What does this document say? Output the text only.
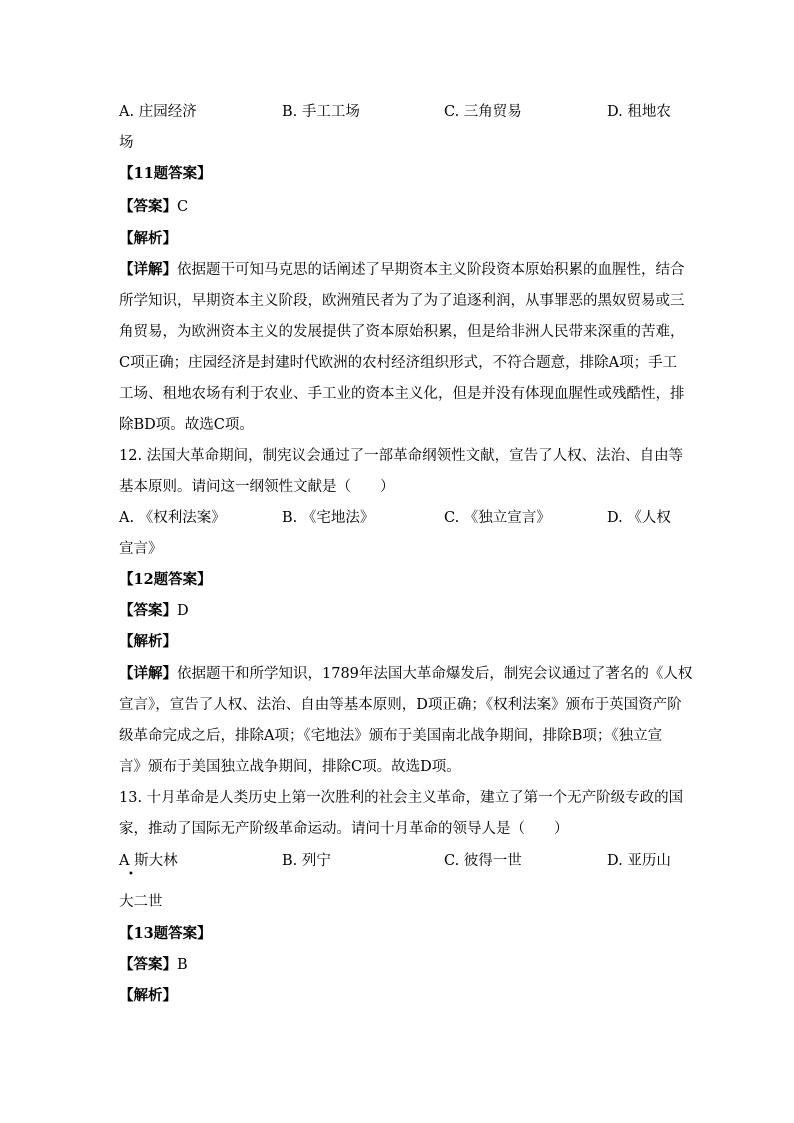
A. 庄园经济	B. 手工工场	C. 三角贸易	D. 租地农
场
【11题答案】
【答案】C
【解析】
【详解】依据题干可知马克思的话阐述了早期资本主义阶段资本原始积累的血腥性，结合
所学知识，早期资本主义阶段，欧洲殖民者为了为了追逐利润，从事罪恶的黑奴贸易或三
角贸易，为欧洲资本主义的发展提供了资本原始积累，但是给非洲人民带来深重的苦难，
C项正确；庄园经济是封建时代欧洲的农村经济组织形式，不符合题意，排除A项；手工
工场、租地农场有利于农业、手工业的资本主义化，但是并没有体现血腥性或残酷性，排
除BD项。故选C项。
12. 法国大革命期间，制宪议会通过了一部革命纲领性文献，宣告了人权、法治、自由等
基本原则。请问这一纲领性文献是（　　）
A. 《权利法案》	B. 《宅地法》	C. 《独立宣言》	D. 《人权
宣言》
【12题答案】
【答案】D
【解析】
【详解】依据题干和所学知识，1789年法国大革命爆发后，制宪会议通过了著名的《人权
宣言》，宣告了人权、法治、自由等基本原则，D项正确；《权利法案》颁布于英国资产阶
级革命完成之后，排除A项；《宅地法》颁布于美国南北战争期间，排除B项；《独立宣
言》颁布于美国独立战争期间，排除C项。故选D项。
13. 十月革命是人类历史上第一次胜利的社会主义革命，建立了第一个无产阶级专政的国
家，推动了国际无产阶级革命运动。请问十月革命的领导人是（　　）
A 斯大林
•
B. 列宁	C. 彼得一世	D. 亚历山
大二世
【13题答案】
【答案】B
【解析】
